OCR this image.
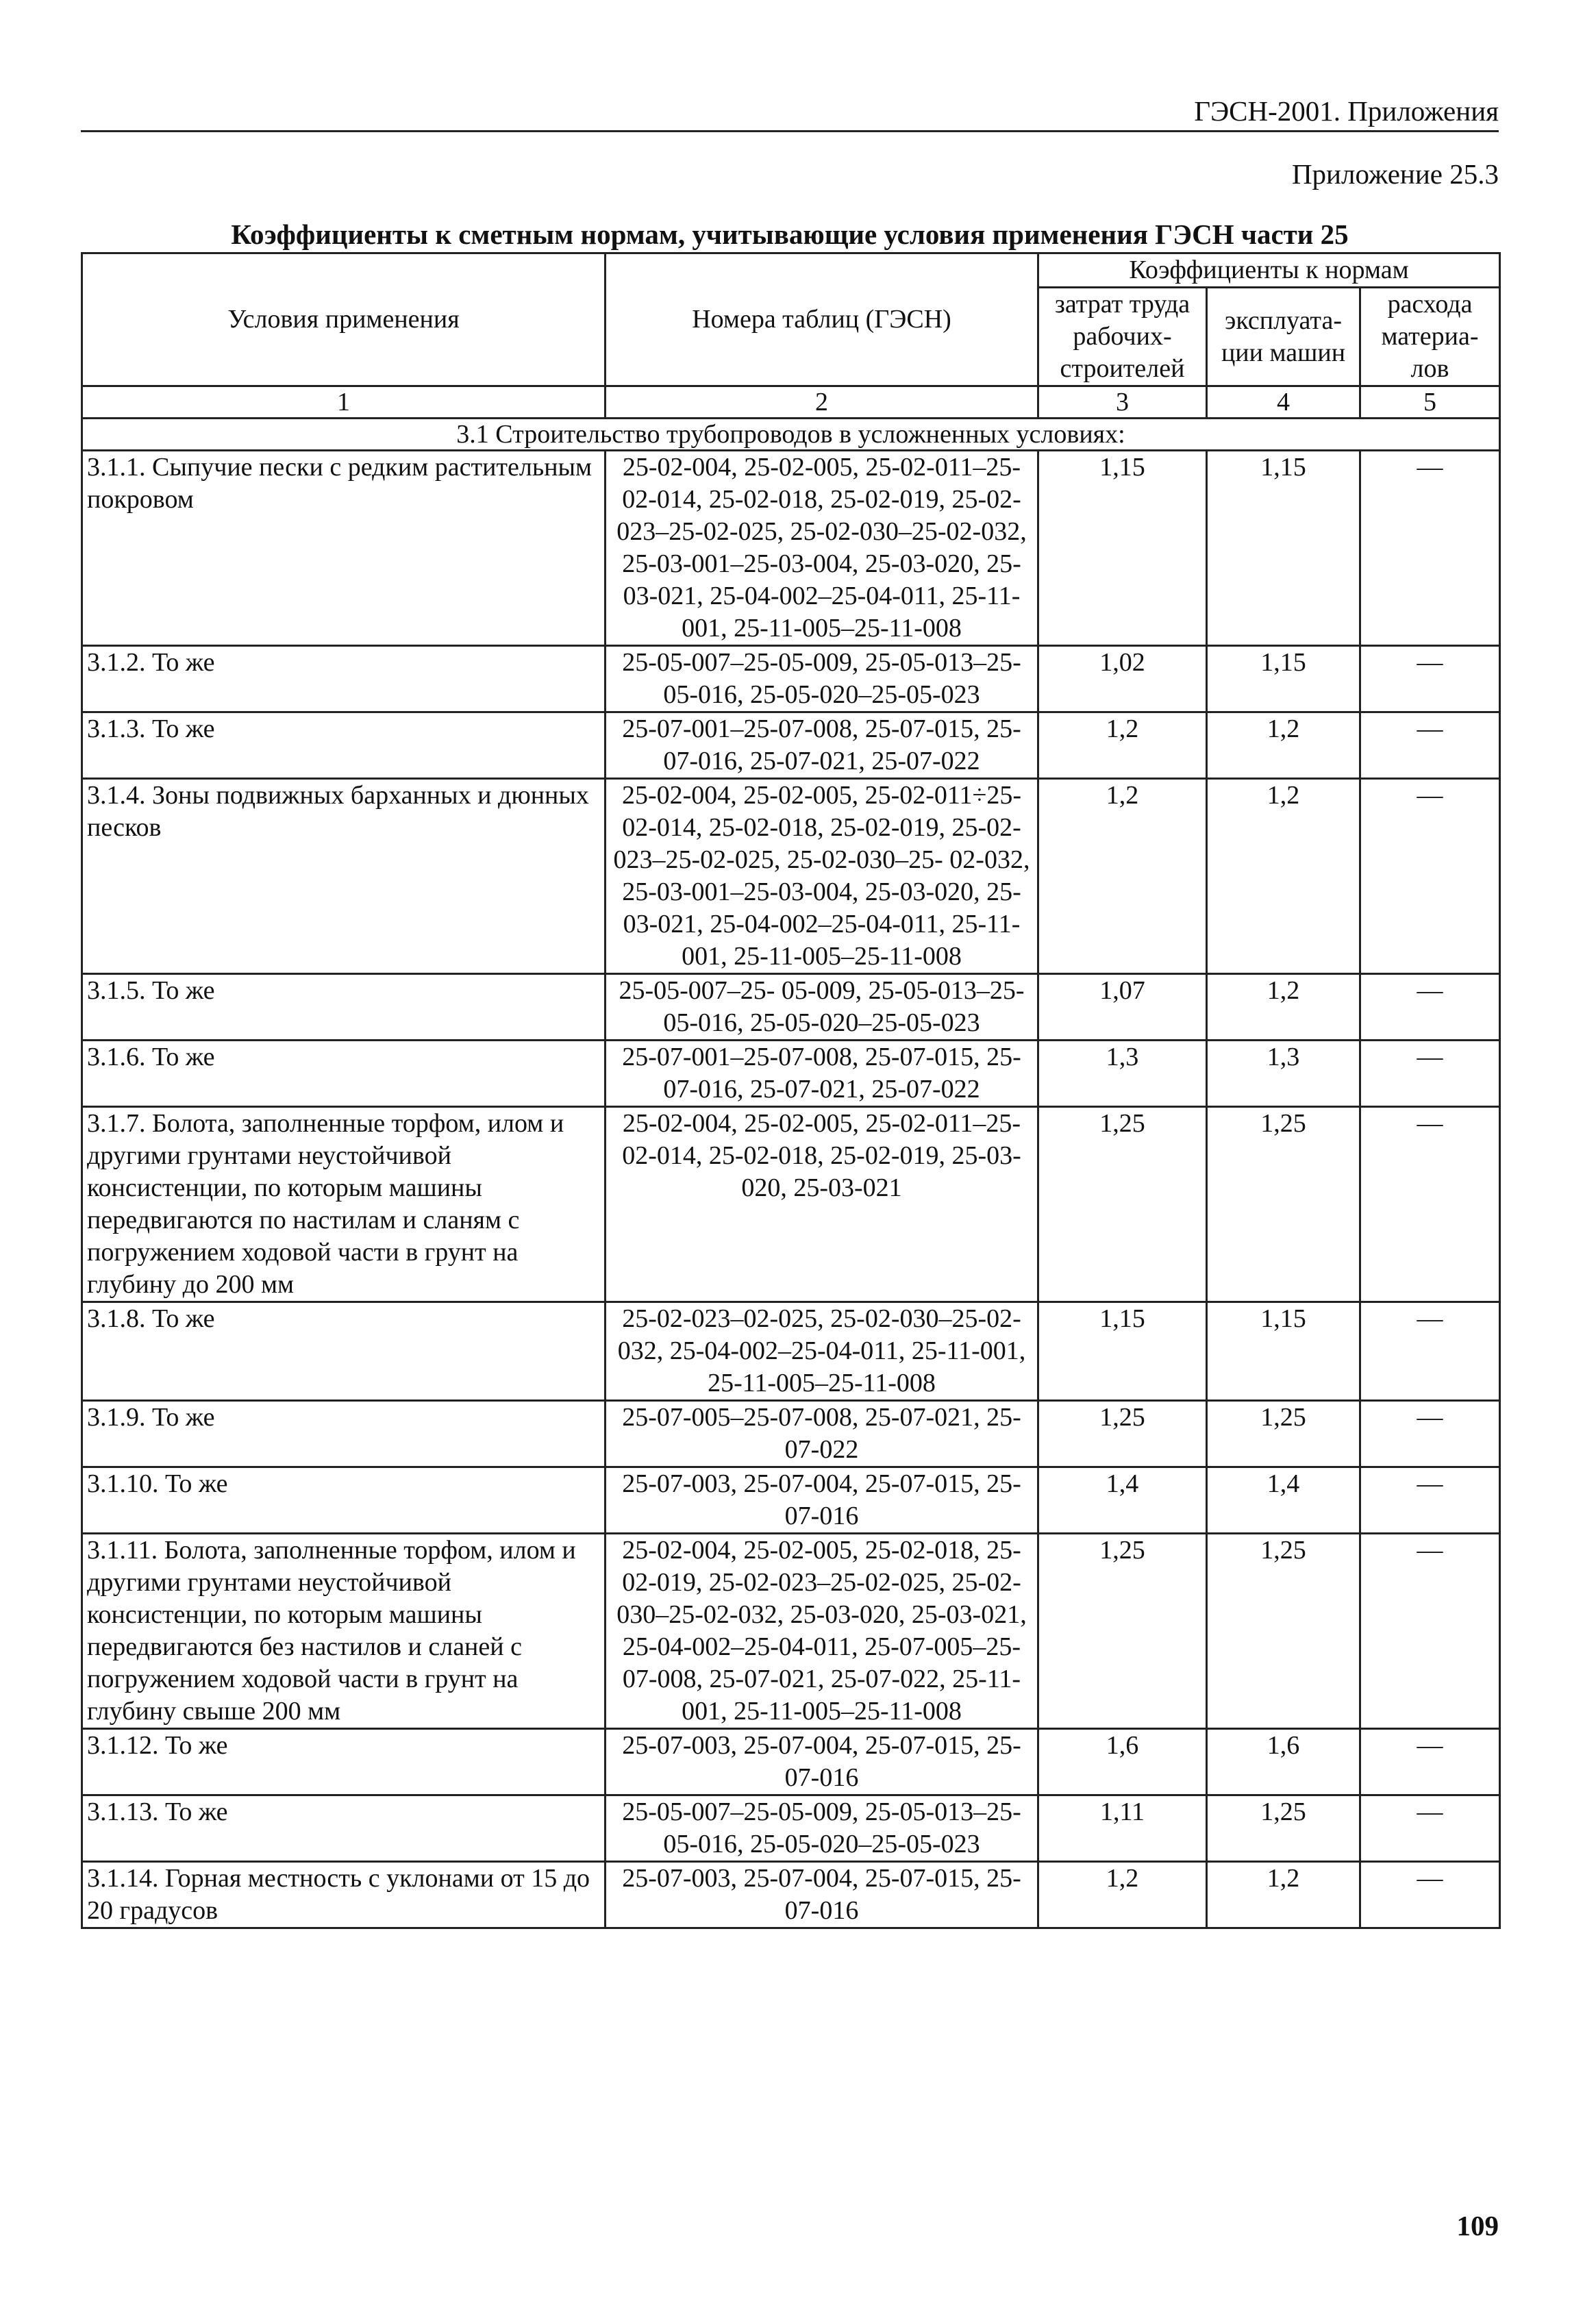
ГЭСН-2001. Приложения
Приложение 25.3
Коэффициенты к сметным нормам, учитывающие условия применения ГЭСН части 25
Условия применения	Номера таблиц (ГЭСН)	Коэффициенты к нормам		
		затрат труда рабочих-строителей	эксплуата-ции машин	расхода материа-лов
1	2	3	4	5
3.1 Строительство трубопроводов в усложненных условиях:				
3.1.1. Сыпучие пески с редким растительным покровом	25-02-004, 25-02-005, 25-02-011–25-02-014, 25-02-018, 25-02-019, 25-02-023–25-02-025, 25-02-030–25-02-032, 25-03-001–25-03-004, 25-03-020, 25-03-021, 25-04-002–25-04-011, 25-11-001, 25-11-005–25-11-008	1,15	1,15	—
3.1.2. То же	25-05-007–25-05-009, 25-05-013–25-05-016, 25-05-020–25-05-023	1,02	1,15	—
3.1.3. То же	25-07-001–25-07-008, 25-07-015, 25-07-016, 25-07-021, 25-07-022	1,2	1,2	—
3.1.4. Зоны подвижных барханных и дюнных песков	25-02-004, 25-02-005, 25-02-011÷25- 02-014, 25-02-018, 25-02-019, 25-02-023–25-02-025, 25-02-030–25- 02-032, 25-03-001–25-03-004, 25-03-020, 25-03-021, 25-04-002–25-04-011, 25-11-001, 25-11-005–25-11-008	1,2	1,2	—
3.1.5. То же	25-05-007–25- 05-009, 25-05-013–25-05-016, 25-05-020–25-05-023	1,07	1,2	—
3.1.6. То же	25-07-001–25-07-008, 25-07-015, 25-07-016, 25-07-021, 25-07-022	1,3	1,3	—
3.1.7. Болота, заполненные торфом, илом и другими грунтами неустойчивой консистенции, по которым машины передвигаются по настилам и сланям с погружением ходовой части в грунт на глубину до 200 мм	25-02-004, 25-02-005, 25-02-011–25-02-014, 25-02-018, 25-02-019, 25-03-020, 25-03-021	1,25	1,25	—
3.1.8. То же	25-02-023–02-025, 25-02-030–25-02-032, 25-04-002–25-04-011, 25-11-001, 25-11-005–25-11-008	1,15	1,15	—
3.1.9. То же	25-07-005–25-07-008, 25-07-021, 25-07-022	1,25	1,25	—
3.1.10. То же	25-07-003, 25-07-004, 25-07-015, 25-07-016	1,4	1,4	—
3.1.11. Болота, заполненные торфом, илом и другими грунтами неустойчивой консистенции, по которым машины передвигаются без настилов и сланей с погружением ходовой части в грунт на глубину свыше 200 мм	25-02-004, 25-02-005, 25-02-018, 25-02-019, 25-02-023–25-02-025, 25-02-030–25-02-032, 25-03-020, 25-03-021, 25-04-002–25-04-011, 25-07-005–25-07-008, 25-07-021, 25-07-022, 25-11-001, 25-11-005–25-11-008	1,25	1,25	—
3.1.12. То же	25-07-003, 25-07-004, 25-07-015, 25-07-016	1,6	1,6	—
3.1.13. То же	25-05-007–25-05-009, 25-05-013–25-05-016, 25-05-020–25-05-023	1,11	1,25	—
3.1.14. Горная местность с уклонами от 15 до 20 градусов	25-07-003, 25-07-004, 25-07-015, 25-07-016	1,2	1,2	—
109
